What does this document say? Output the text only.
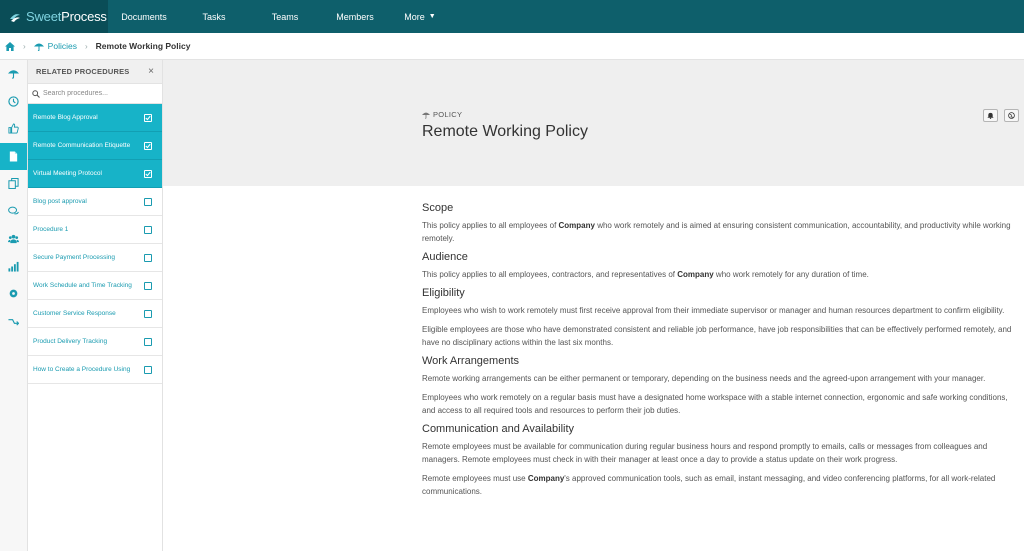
SweetProcess	Documents	Tasks	Teams	Members	More ▼
›	Policies › Remote Working Policy
RELATED PROCEDURES ×
Search procedures...
Remote Blog Approval
Remote Communication Etiquette
Virtual Meeting Protocol
Blog post approval
Procedure 1
Secure Payment Processing
Work Schedule and Time Tracking
Customer Service Response
Product Delivery Tracking
How to Create a Procedure Using
POLICY
Remote Working Policy
Scope
This policy applies to all employees of Company who work remotely and is aimed at ensuring consistent communication, accountability, and productivity while working remotely.
Audience
This policy applies to all employees, contractors, and representatives of Company who work remotely for any duration of time.
Eligibility
Employees who wish to work remotely must first receive approval from their immediate supervisor or manager and human resources department to confirm eligibility.
Eligible employees are those who have demonstrated consistent and reliable job performance, have job responsibilities that can be effectively performed remotely, and have no disciplinary actions within the last six months.
Work Arrangements
Remote working arrangements can be either permanent or temporary, depending on the business needs and the agreed-upon arrangement with your manager.
Employees who work remotely on a regular basis must have a designated home workspace with a stable internet connection, ergonomic and safe working conditions, and access to all required tools and resources to perform their job duties.
Communication and Availability
Remote employees must be available for communication during regular business hours and respond promptly to emails, calls or messages from colleagues and managers. Remote employees must check in with their manager at least once a day to provide a status update on their work progress.
Remote employees must use Company's approved communication tools, such as email, instant messaging, and video conferencing platforms, for all work-related communications.
